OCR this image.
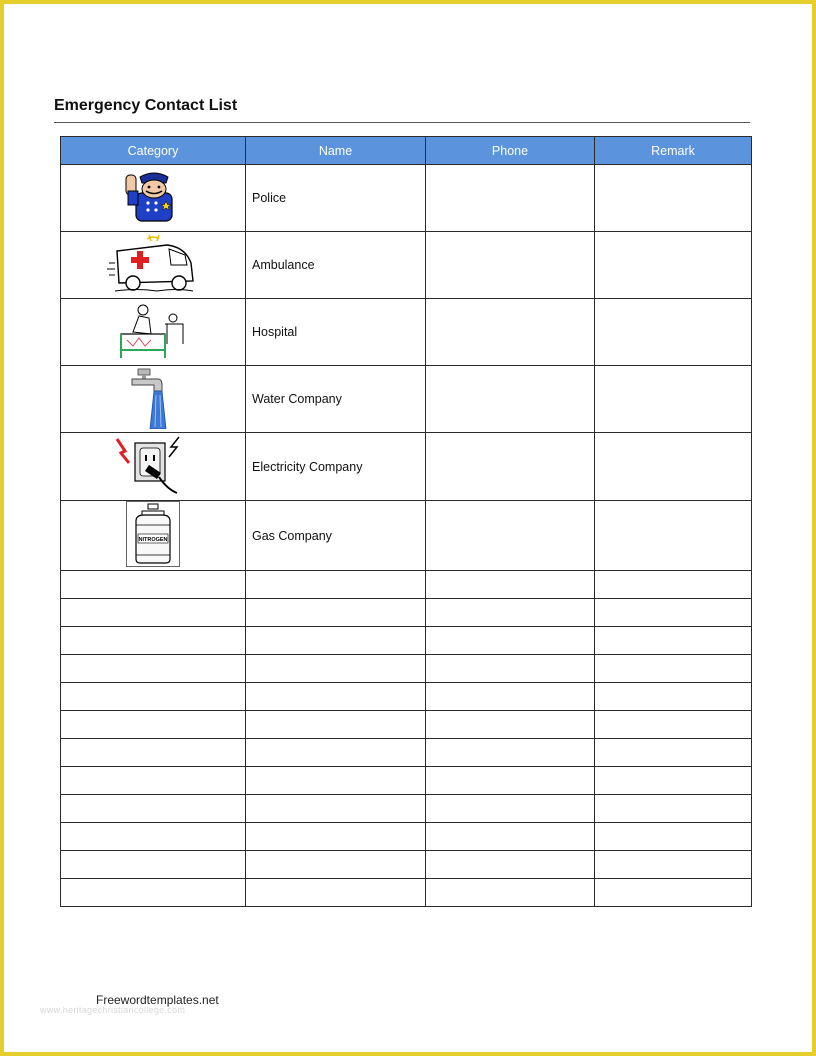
Emergency Contact List
Category	Name	Phone	Remark
	Police		
	Ambulance		
	Hospital		
	Water Company		
	Electricity Company		

NITROGEN	Gas Company		

Freewordtemplates.net
www.heritagechristiancollege.com
